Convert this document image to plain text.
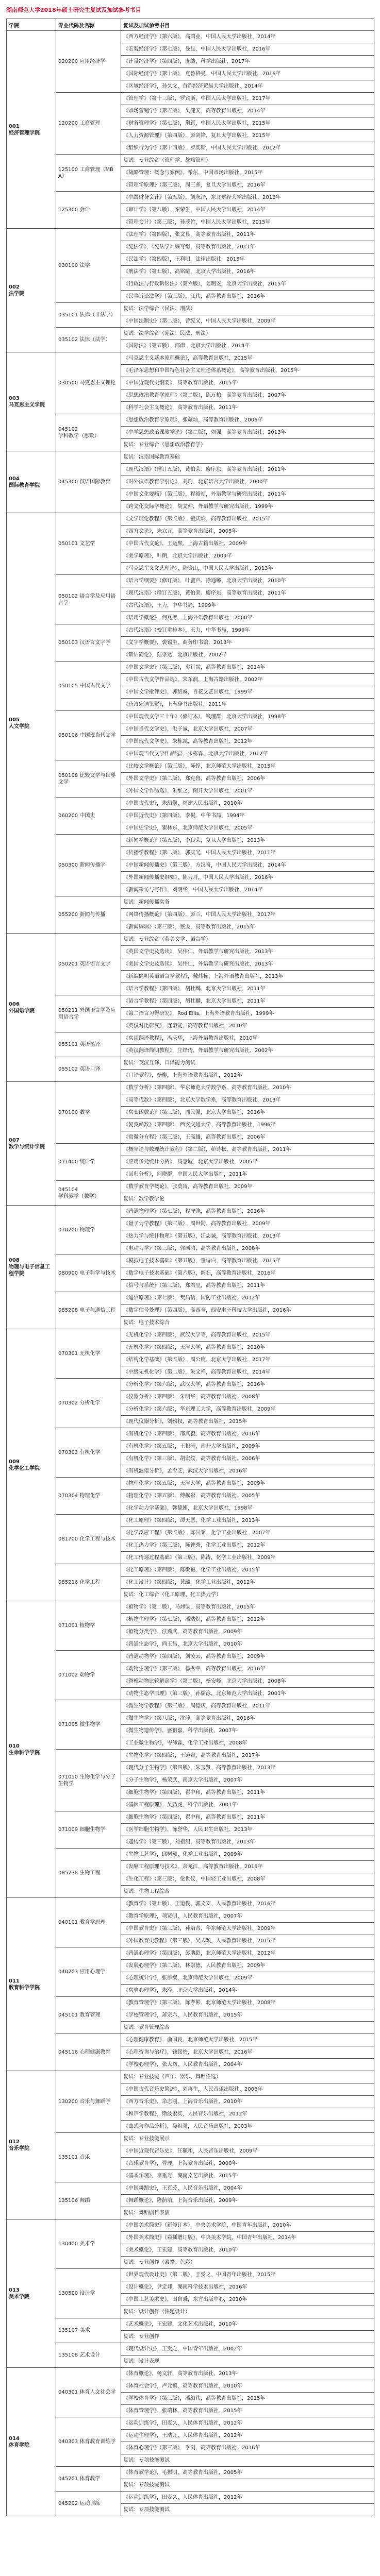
湖南师范大学2018年硕士研究生复试及加试参考书目
学院	专业代码及名称	复试及加试参考书目

001
经济管理学院	020200 应用经济学	《西方经济学》（第六版），高鸿业，中国人民大学出版社，2014年
		《宏观经济学》（第七版），曼昆，中国人民大学出版社，2016年
		《计量经济学》（第四版），庞皓，科学出版社，2017年
		《国际经济学》（第十版），克鲁格曼，中国人民大学出版社，2016年
		《区域经济学》，孙久文，首都经济贸易大学出版社，2014年
	120200 工商管理	《管理学》（第十三版），罗宾斯，中国人民大学出版社，2017年
		《市场营销学》（第五版），吴健安，高等教育出版社，2014年
		《财务管理学》（第七版），荆新，中国人民大学出版社，2015年
		《人力资源管理》（第四版），彭剑锋，复旦大学出版社，2015年
		《组织行为学》（第十四版），罗宾斯，中国人民大学出版社，2012年
	125100 工商管理（MBA）	复试：专业综合（管理学、战略管理）
		《战略管理：概念与案例》，希尔，中国市场出版社，2015年
		《管理学原理》（第三版），周三多，复旦大学出版社，2016年
	125300 会计	《中级财务会计》（第五版），刘永泽，东北财经大学出版社，2016年
		《审计学》（第八版），秦荣生，中国人民大学出版社，2014年
		《管理会计》（第三版），孙茂竹，中国人民大学出版社，2015年

002
法学院	030100 法学	《法理学》（第四版），张文显，高等教育出版社，2011年
		《宪法学》，《宪法学》编写组，高等教育出版社，2011年
		《民法学》（第四版），王利明，法律出版社，2015年
		《刑法学》（第七版），高铭暄，北京大学出版社，2016年
		《行政法与行政诉讼法》（第六版），姜明安，北京大学出版社，2015年
		《民事诉讼法学》（第三版），江伟，高等教育出版社，2016年
	035101 法律（非法学）	复试：法学综合（民法、刑法）
		《中国法制史》（第二版），曾宪义，中国人民大学出版社，2009年
	035102 法律（法学）	复试：法学综合（宪法、民法、刑法）
		《国际法》（第五版），邵津，北京大学出版社，2014年

003
马克思主义学院	030500 马克思主义理论	《马克思主义基本原理概论》，高等教育出版社，2015年
		《毛泽东思想和中国特色社会主义理论体系概论》，高等教育出版社，2015年
		《中国近现代史纲要》，高等教育出版社，2015年
		《思想政治教育学原理》（第二版），陈万柏，高等教育出版社，2007年
		《科学社会主义概论》，高等教育出版社，2011年
	045102 学科教学（思政）	《思想政治教育学原理》，张耀灿，高等教育出版社，2006年
		《中学思想政治课教学论》（第二版），刘强，高等教育出版社，2013年
		复试：专业综合（思想政治教育学）

004
国际教育学院	045300 汉语国际教育	复试：汉语国际教育基础
		《现代汉语》（增订五版），黄伯荣、廖序东，高等教育出版社，2011年
		《对外汉语教育学引论》，刘珣，北京语言大学出版社，2000年
		《中国文化要略》（第三版），程裕祯，外语教学与研究出版社，2011年
		《跨文化交际学概论》，胡文仲，外语教学与研究出版社，1999年

005
人文学院	050101 文艺学	《文学理论教程》（第五版），童庆炳，高等教育出版社，2015年
		《西方文论》，朱立元，高等教育出版社，2005年
		《中国古代文论》，王运熙，上海古籍出版社，2009年
		《美学原理》，叶朗，北京大学出版社，2009年
		《马克思主义文艺理论》，陆贵山，中国人民大学出版社，2013年
	050102 语言学及应用语言学	《语言学纲要》（修订版），叶蜚声、徐通锵，北京大学出版社，2010年
		《现代汉语》（增订五版），黄伯荣、廖序东，高等教育出版社，2011年
		《古代汉语》，王力，中华书局，1999年
		《语用学概论》，何兆熊，上海外语教育出版社，2000年
	050103 汉语言文字学	《古代汉语》（校订重排本），王力，中华书局，1999年
		《文字学概要》，裘锡圭，商务印书馆，2013年
		《训诂简论》，陆宗达，北京出版社，2002年
	050105 中国古代文学	《中国文学史》（第三版），袁行霈，高等教育出版社，2014年
		《中国古代文学作品选》，朱东润，上海古籍出版社，2002年
		《中国文学批评史》，郭绍虞，百花文艺出版社，1999年
		《唐诗宋词鉴赏》，上海辞书出版社，2011年
	050106 中国现当代文学	《中国现代文学三十年》（修订本），钱理群，北京大学出版社，1998年
		《中国当代文学史》，洪子诚，北京大学出版社，2007年
		《中国现代文学史》，朱栋霖，高等教育出版社，2012年
		《中国现当代文学作品选》，朱栋霖，北京大学出版社，2012年
	050108 比较文学与世界文学	《比较文学概论》（第三版），陈惇，北京师范大学出版社，2015年
		《外国文学史》（第二版），郑克鲁，高等教育出版社，2006年
		《外国文学作品选》，朱维之，南开大学出版社，2001年
	060200 中国史	《中国古代史》，朱绍侯，福建人民出版社，2010年
		《中国近代史》（第四版），李侃，中华书局，1994年
		《中国史学史》，瞿林东，北京师范大学出版社，2005年
	050300 新闻传播学	《新闻学概论》（第五版），李良荣，复旦大学出版社，2013年
		《传播学教程》（第二版），郭庆光，中国人民大学出版社，2011年
		《中国新闻传播史》（第三版），方汉奇，中国人民大学出版社，2014年
		《外国新闻传播史纲要》，陈力丹，中国人民大学出版社，2016年
		《新闻采访与写作》，刘明华，中国人民大学出版社，2014年
	055200 新闻与传播	复试：新闻传播实务
		《网络传播概论》（第四版），彭兰，中国人民大学出版社，2017年
		《新闻编辑》（第三版），蔡雯，高等教育出版社，2015年

006
外国语学院	050201 英语语言文学	复试：专业综合（英美文学、语言学）
		《英国文学史及选读》，吴伟仁，外语教学与研究出版社，2013年
		《美国文学史及选读》，吴伟仁，外语教学与研究出版社，2013年
		《新编简明英语语言学教程》，戴炜栋，上海外语教育出版社，2013年
		《语言学教程》（第四版），胡壮麟，北京大学出版社，2011年
	050211 外国语言学及应用语言学	《语言学教程》（第四版），胡壮麟，北京大学出版社，2011年
		《第二语言习得研究》，Rod Ellis，上海外语教育出版社，1999年
		《英汉对比研究》，连淑能，高等教育出版社，2010年
	055101 英语笔译	《实用翻译教程》，冯庆华，上海外语教育出版社，2010年
		《英汉翻译简明教程》，庄绎传，外语教学与研究出版社，2002年
	055102 英语口译	复试：英汉互译、口译能力测试
		《口译教程》，杨柳，上海外语教育出版社，2012年

007
数学与统计学院	070100 数学	《数学分析》（第四版），华东师范大学数学系，高等教育出版社，2010年
		《高等代数》（第四版），北京大学数学系，高等教育出版社，2013年
		《实变函数论》（第三版），周民强，北京大学出版社，2016年
		《复变函数》（第四版），西安交通大学，高等教育出版社，1996年
		《常微分方程》（第三版），王高雄，高等教育出版社，2006年
	071400 统计学	《概率论与数理统计教程》（第二版），茆诗松，高等教育出版社，2011年
		《应用多元统计分析》，高惠璇，北京大学出版社，2005年
		《回归分析》，何晓群，中国人民大学出版社，2011年
	045104 学科教学（数学）	《数学教育学概论》，张奠宙，高等教育出版社，2009年
		复试：数学教学论

008
物理与电子信息工程学院	070200 物理学	《普通物理学》（第七版），程守洙，高等教育出版社，2016年
		《量子力学教程》（第三版），周世勋，高等教育出版社，2009年
		《热力学与统计物理》（第五版），汪志诚，高等教育出版社，2013年
		《电动力学》（第三版），郭硕鸿，高等教育出版社，2008年
	080900 电子科学与技术	《模拟电子技术基础》（第五版），童诗白，高等教育出版社，2015年
		《数字电子技术基础》（第六版），阎石，高等教育出版社，2016年
		《信号与系统》（第三版），郑君里，高等教育出版社，2011年
	085208 电子与通信工程	《通信原理》（第七版），樊昌信，国防工业出版社，2012年
		《数字信号处理》（第四版），高西全，西安电子科技大学出版社，2016年
		复试：电子技术综合

009
化学化工学院	070301 无机化学	《无机化学》（第四版），武汉大学等，高等教育出版社，2015年
		《无机化学》（第四版），天津大学，高等教育出版社，2010年
		《结构化学基础》（第五版），周公度，北京大学出版社，2017年
		《中级无机化学》（第二版），朱文祥，高等教育出版社，2014年
	070302 分析化学	《分析化学》（第六版），武汉大学，高等教育出版社，2016年
		《仪器分析》（第四版），朱明华，高等教育出版社，2008年
		《分析化学》（第六版），华东理工大学，高等教育出版社，2009年
		《现代仪器分析》，刘约权，高等教育出版社，2015年
	070303 有机化学	《有机化学》（第四版），邢其毅，高等教育出版社，2016年
		《有机化学》（第五版），王积涛，南开大学出版社，2009年
		《有机化学》（第三版），胡宏纹，高等教育出版社，2006年
		《有机波谱分析》，孟令芝，武汉大学出版社，2016年
	070304 物理化学	《物理化学》（第五版），天津大学，高等教育出版社，2009年
		《物理化学》（第五版），傅献彩，高等教育出版社，2005年
		《化学动力学基础》，韩德刚，北京大学出版社，1998年
	081700 化学工程与技术	《化工原理》（第四版），谭天恩，化学工业出版社，2013年
		《化学反应工程》（第五版），陈甘棠，化学工业出版社，2007年
		《化工热力学》（第三版），陈钟秀，化学工业出版社，2012年
		《化工传递过程基础》（第三版），陈涛，化学工业出版社，2009年
	085216 化学工程	《化工原理》（第四版），陈敏恒，化学工业出版社，2015年
		《化工设计》（第四版），黄璐，化学工业出版社，2012年
		复试：化工综合（化工原理、化工热力学）

010
生命科学学院	071001 植物学	《植物学》（第二版），马炜梁，高等教育出版社，2015年
		《植物生理学》（第七版），潘瑞炽，高等教育出版社，2012年
		《植物分类学》，汪劲武，高等教育出版社，2009年
		《普通生态学》，尚玉昌，北京大学出版社，2010年
	071002 动物学	《普通动物学》（第四版），刘凌云，高等教育出版社，2009年
		《动物生理学》（第三版），杨秀平，高等教育出版社，2016年
		《脊椎动物比较解剖学》（第二版），杨安峰，北京大学出版社，2008年
		《动物生态学原理》（第三版），孙儒泳，北京师范大学出版社，2001年
	071005 微生物学	《微生物学教程》（第三版），周德庆，高等教育出版社，2011年
		《微生物学》（第八版），沈萍，高等教育出版社，2016年
		《微生物遗传学》，盛祖嘉，科学出版社，2007年
		《工业微生物学》，岑沛霖，化学工业出版社，2008年
	071010 生物化学与分子生物学	《生物化学》（第四版），王镜岩，高等教育出版社，2017年
		《现代分子生物学》（第四版），朱玉贤，高等教育出版社，2013年
		《分子生物学》，杨荣武，南京大学出版社，2007年
		《细胞生物学》（第四版），翟中和，高等教育出版社，2011年
		《基因工程原理》，吴乃虎，科学出版社，2001年
	071009 细胞生物学	《细胞生物学》（第四版），翟中和，高等教育出版社，2011年
		《医学细胞生物学》，陈誉华，人民卫生出版社，2013年
		《遗传学》（第三版），刘祖洞，高等教育出版社，2013年
	085238 生物工程	《生物工艺学》，邱树毅，化学工业出版社，2009年
		《发酵工程原理与技术》，余龙江，高等教育出版社，2016年
		《生化工程》（第三版），伦世仪，中国轻工业出版社，2008年
		复试：生物工程综合

011
教育科学学院	040101 教育学原理	《教育学》（第七版），王道俊、郭文安，人民教育出版社，2016年
		《教育学原理》，项贤明，人民教育出版社，2007年
		《中国教育史》（第三版），孙培青，华东师范大学出版社，2009年
		《外国教育史教程》（第三版），吴式颖，人民教育出版社，2015年
	040203 应用心理学	《普通心理学》（第四版），彭聃龄，北京师范大学出版社，2012年
		《发展心理学》（第二版），林崇德，人民教育出版社，2009年
		《心理统计学》，张厚粲，北京师范大学出版社，2009年
		《实验心理学》，朱滢，北京大学出版社，2014年
	045101 教育管理	《教育管理学》（第三版），陈孝彬，北京师范大学出版社，2008年
		《学校管理学》，萧宗六，人民教育出版社，2015年
		复试：教育管理综合
	045116 心理健康教育	《心理健康教育》，俞国良，北京师范大学出版社，2015年
		《心理咨询与治疗》，钱铭怡，北京大学出版社，2016年
		《学校心理学》，张大均，人民教育出版社，2004年

012
音乐学院	130200 音乐与舞蹈学	复试：专业技能（声乐、器乐、舞蹈任选）
		《中国古代音乐史简述》，刘再生，人民音乐出版社，2006年
		《西方音乐史》，余志刚，上海音乐出版社，2010年
		《和声学教程》，斯波索宾，人民音乐出版社，2012年
		《曲式与作品分析》，吴祖强，人民音乐出版社，2003年
	135101 音乐	复试：专业技能展示
		《中国近现代音乐史》，汪毓和，人民音乐出版社，2009年
		《音乐教育学》，曹理，上海教育出版社，2000年
		《基本乐理》，李重光，湖南文艺出版社，2015年
	135106 舞蹈	《中国舞蹈史》，王克芬，人民音乐出版社，2004年
		《舞蹈概论》，隆荫培，上海音乐出版社，2009年
		复试：舞蹈剧目表演

013
美术学院	130400 美术学	《中国美术简史》（新修订本），中央美术学院，中国青年出版社，2010年
		《外国美术简史》（彩插增订版），中央美术学院，中国青年出版社，2014年
		《美术概论》，王宏建，高等教育出版社，2010年
		复试：专业创作（素描、色彩）
	130500 设计学	《世界现代设计史》（第二版），王受之，中国青年出版社，2015年
		《设计概论》，尹定邦，湖南科学技术出版社，2016年
		《中国工艺美术史》，田自秉，东方出版中心，2010年
		复试：设计创作（快题设计）
	135107 美术	《艺术概论》，王宏建，文化艺术出版社，2010年
		复试：专业创作
	135108 艺术设计	《现代设计史》，王受之，中国青年出版社，2002年
		复试：设计表现

014
体育学院	040301 体育人文社会学	《体育概论》，杨文轩，高等教育出版社，2013年
		《体育社会学》，卢元镇，高等教育出版社，2010年
		《学校体育学》（第三版），潘绍伟，高等教育出版社，2015年
		《体育管理学》，张瑞林，高等教育出版社，2015年
	040303 体育教育训练学	《运动训练学》，田麦久，人民体育出版社，2012年
		《运动生理学》，王瑞元，人民体育出版社，2012年
		《体育心理学》（第三版），季浏，高等教育出版社，2016年
		复试：专项技能测试
	045201 体育教学	《体育教学论》，毛振明，高等教育出版社，2005年
		复试：专项技能测试
	045202 运动训练	《运动训练学》，田麦久，人民体育出版社，2012年
		复试：专项技能测试
